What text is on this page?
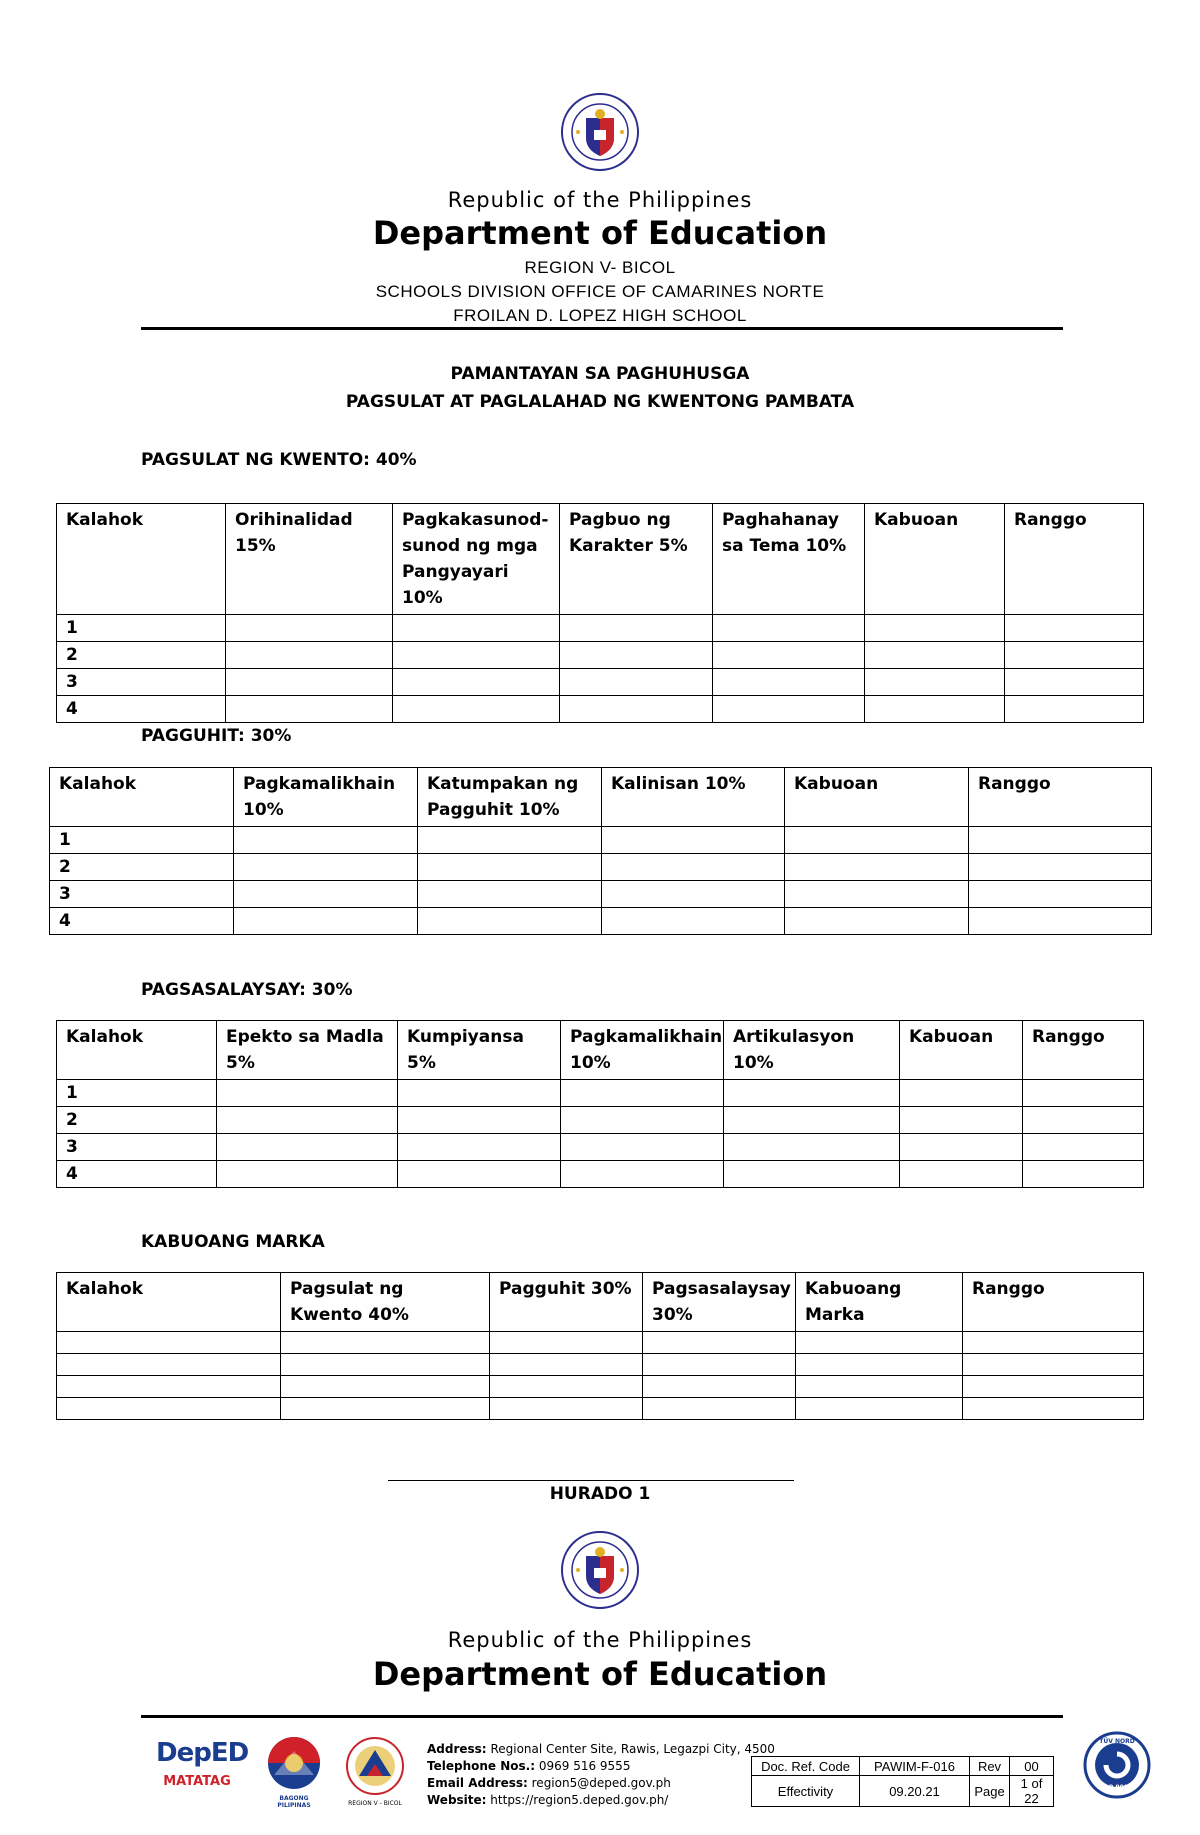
Republic of the Philippines
Department of Education
REGION V- BICOL
SCHOOLS DIVISION OFFICE OF CAMARINES NORTE
FROILAN D. LOPEZ HIGH SCHOOL
PAMANTAYAN SA PAGHUHUSGA
PAGSULAT AT PAGLALAHAD NG KWENTONG PAMBATA
PAGSULAT NG KWENTO: 40%
Kalahok	Orihinalidad 15%	Pagkakasunod-sunod ng mga Pangyayari 10%	Pagbuo ng Karakter 5%	Paghahanay sa Tema 10%	Kabuoan	Ranggo
1						
2						
3						
4						
PAGGUHIT: 30%
Kalahok	Pagkamalikhain 10%	Katumpakan ng Pagguhit 10%	Kalinisan 10%	Kabuoan	Ranggo
1					
2					
3					
4					
PAGSASALAYSAY: 30%
Kalahok	Epekto sa Madla 5%	Kumpiyansa 5%	Pagkamalikhain 10%	Artikulasyon 10%	Kabuoan	Ranggo
1						
2						
3						
4						
KABUOANG MARKA
Kalahok	Pagsulat ng Kwento 40%	Pagguhit 30%	Pagsasalaysay 30%	Kabuoang Marka	Ranggo

HURADO 1
Republic of the Philippines
Department of Education
DepED
MATATAG
BAGONG PILIPINAS	REGION V - BICOL
Address: Regional Center Site, Rawis, Legazpi City, 4500
Telephone Nos.: 0969 516 9555
Email Address: region5@deped.gov.ph
Website: https://region5.deped.gov.ph/
Doc. Ref. Code	PAWIM-F-016	Rev	00
Effectivity	09.20.21	Page	1 of 22
TÜV NORD
ISO 9001
